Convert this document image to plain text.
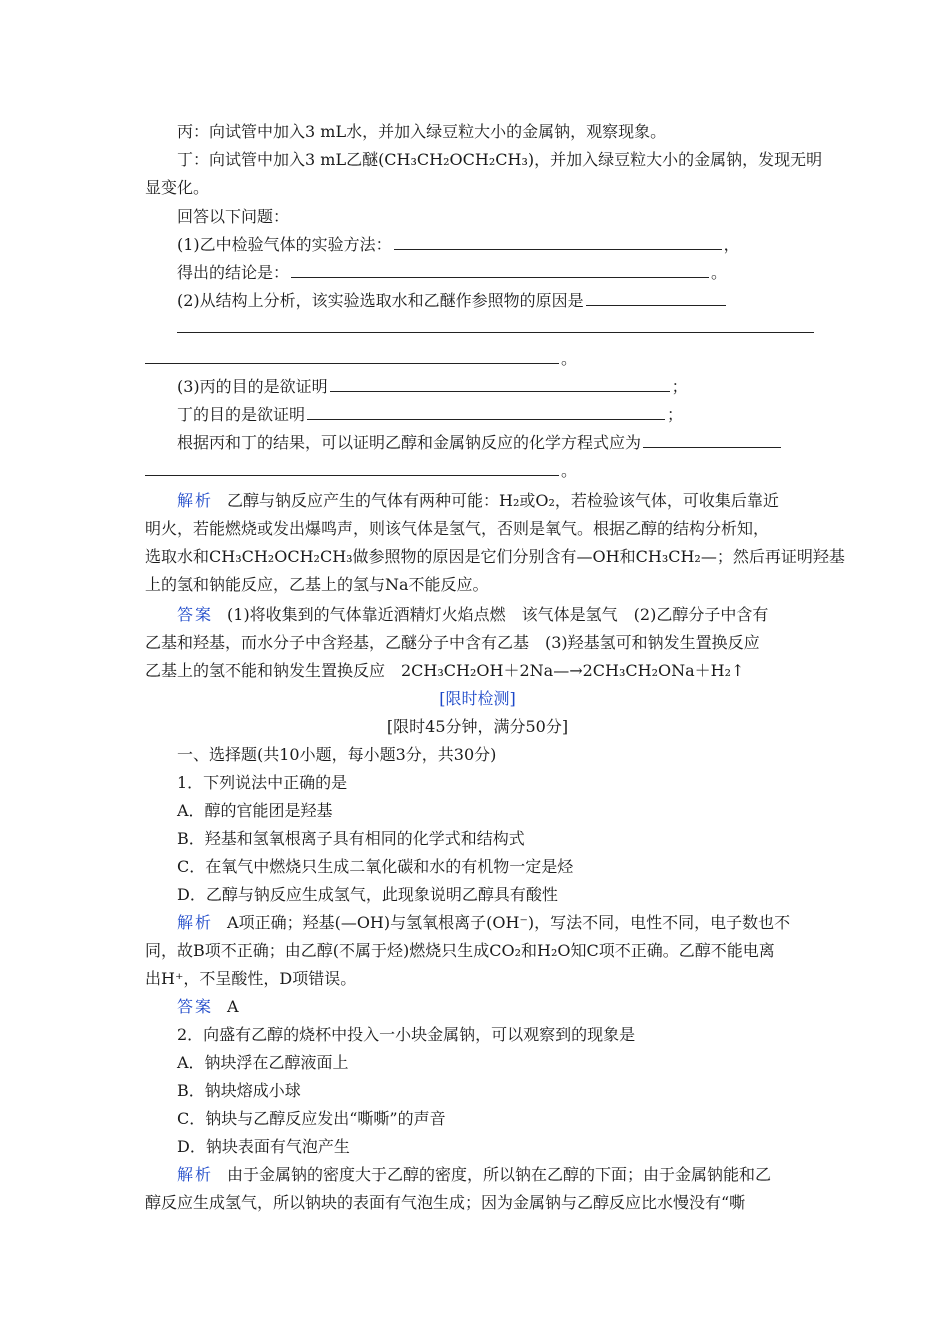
丙：向试管中加入3 mL水，并加入绿豆粒大小的金属钠，观察现象。
丁：向试管中加入3 mL乙醚(CH₃CH₂OCH₂CH₃)，并加入绿豆粒大小的金属钠，发现无明
显变化。
回答以下问题：
(1)乙中检验气体的实验方法：	，
得出的结论是：	。
(2)从结构上分析，该实验选取水和乙醚作参照物的原因是
。
(3)丙的目的是欲证明	；
丁的目的是欲证明	；
根据丙和丁的结果，可以证明乙醇和金属钠反应的化学方程式应为
。
解析 乙醇与钠反应产生的气体有两种可能：H₂或O₂，若检验该气体，可收集后靠近
明火，若能燃烧或发出爆鸣声，则该气体是氢气，否则是氧气。根据乙醇的结构分析知，
选取水和CH₃CH₂OCH₂CH₃做参照物的原因是它们分别含有—OH和CH₃CH₂—；然后再证明羟基
上的氢和钠能反应，乙基上的氢与Na不能反应。
答案 (1)将收集到的气体靠近酒精灯火焰点燃　该气体是氢气　(2)乙醇分子中含有
乙基和羟基，而水分子中含羟基，乙醚分子中含有乙基　(3)羟基氢可和钠发生置换反应
乙基上的氢不能和钠发生置换反应　2CH₃CH₂OH＋2Na—→2CH₃CH₂ONa＋H₂↑
[限时检测]
[限时45分钟，满分50分]
一、选择题(共10小题，每小题3分，共30分)
1．下列说法中正确的是
A．醇的官能团是羟基
B．羟基和氢氧根离子具有相同的化学式和结构式
C．在氧气中燃烧只生成二氧化碳和水的有机物一定是烃
D．乙醇与钠反应生成氢气，此现象说明乙醇具有酸性
解析 A项正确；羟基(—OH)与氢氧根离子(OH⁻)，写法不同，电性不同，电子数也不
同，故B项不正确；由乙醇(不属于烃)燃烧只生成CO₂和H₂O知C项不正确。乙醇不能电离
出H⁺，不呈酸性，D项错误。
答案 A
2．向盛有乙醇的烧杯中投入一小块金属钠，可以观察到的现象是
A．钠块浮在乙醇液面上
B．钠块熔成小球
C．钠块与乙醇反应发出“嘶嘶”的声音
D．钠块表面有气泡产生
解析 由于金属钠的密度大于乙醇的密度，所以钠在乙醇的下面；由于金属钠能和乙
醇反应生成氢气，所以钠块的表面有气泡生成；因为金属钠与乙醇反应比水慢没有“嘶
